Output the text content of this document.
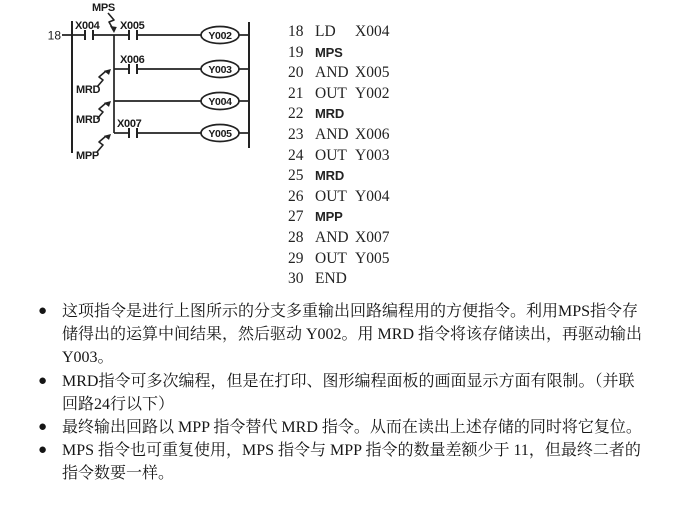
18
MPS
MRD
MRD
MPP
X004 X005
X006
X007
Y002
Y003
Y004
Y005
18 LD	X004
19 MPS
20 AND X005
21 OUT Y002
22 MRD
23 AND X006
24 OUT Y003
25 MRD
26 OUT Y004
27 MPP
28 AND X007
29 OUT Y005
30 END
● 这项指令是进行上图所示的分支多重输出回路编程用的方便指令。利用MPS指令存
储得出的运算中间结果，然后驱动 Y002。用 MRD 指令将该存储读出，再驱动输出
Y003。
● MRD指令可多次编程，但是在打印、图形编程面板的画面显示方面有限制。（并联
回路24行以下）
● 最终输出回路以 MPP 指令替代 MRD 指令。从而在读出上述存储的同时将它复位。
● MPS 指令也可重复使用，MPS 指令与 MPP 指令的数量差额少于 11，但最终二者的
指令数要一样。
